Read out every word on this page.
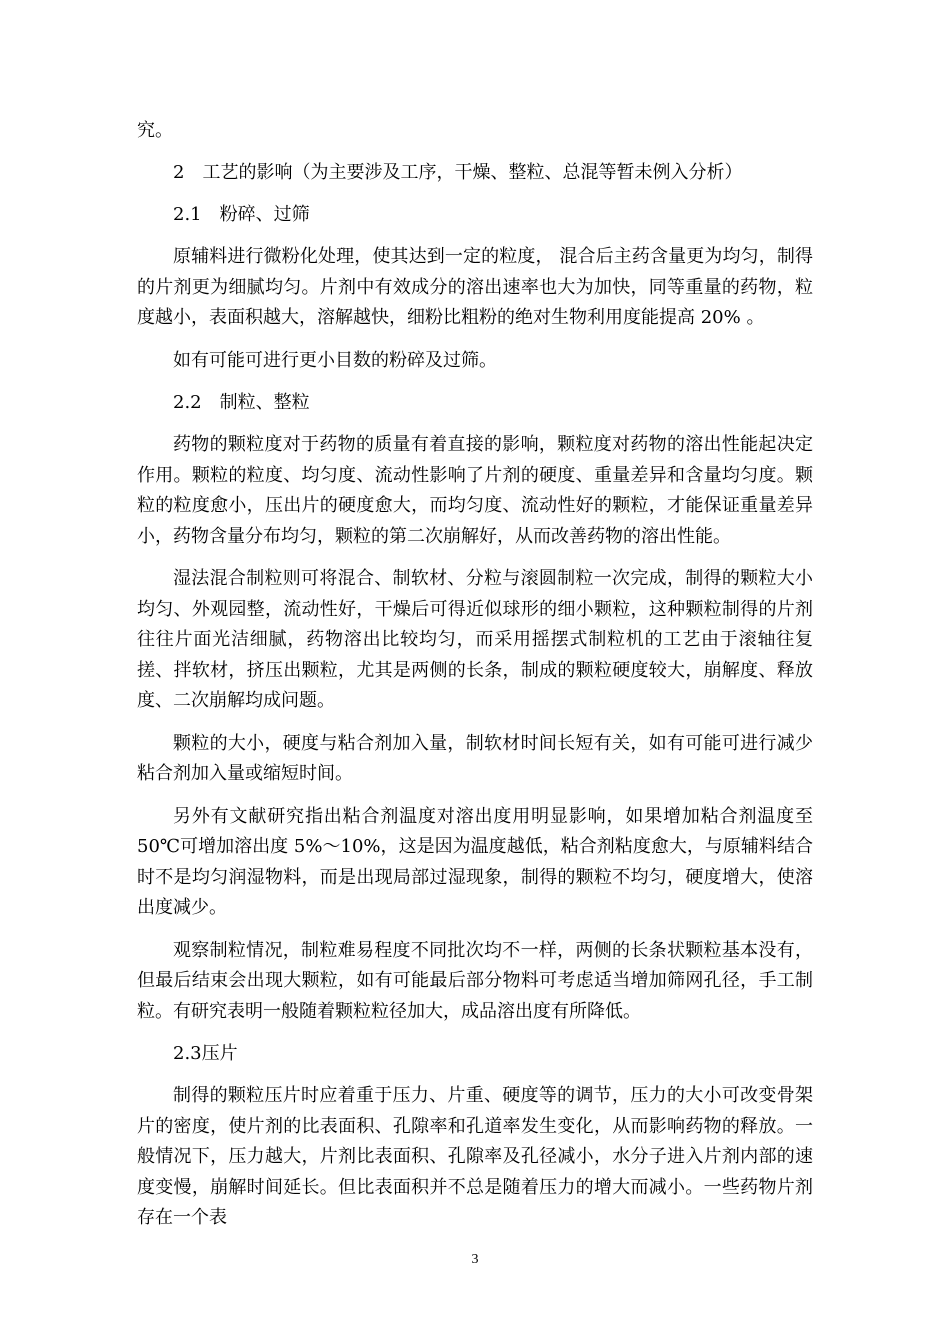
究。

2　工艺的影响（为主要涉及工序，干燥、整粒、总混等暂未例入分析）

2.1　粉碎、过筛

原辅料进行微粉化处理，使其达到一定的粒度， 混合后主药含量更为均匀，制得的片剂更为细腻均匀。片剂中有效成分的溶出速率也大为加快，同等重量的药物，粒度越小，表面积越大，溶解越快，细粉比粗粉的绝对生物利用度能提高 20% 。

如有可能可进行更小目数的粉碎及过筛。

2.2　制粒、整粒

药物的颗粒度对于药物的质量有着直接的影响，颗粒度对药物的溶出性能起决定作用。颗粒的粒度、均匀度、流动性影响了片剂的硬度、重量差异和含量均匀度。颗粒的粒度愈小，压出片的硬度愈大，而均匀度、流动性好的颗粒，才能保证重量差异小，药物含量分布均匀，颗粒的第二次崩解好，从而改善药物的溶出性能。

湿法混合制粒则可将混合、制软材、分粒与滚圆制粒一次完成，制得的颗粒大小均匀、外观园整，流动性好，干燥后可得近似球形的细小颗粒，这种颗粒制得的片剂往往片面光洁细腻，药物溶出比较均匀，而采用摇摆式制粒机的工艺由于滚轴往复搓、拌软材，挤压出颗粒，尤其是两侧的长条，制成的颗粒硬度较大，崩解度、释放度、二次崩解均成问题。

颗粒的大小，硬度与粘合剂加入量，制软材时间长短有关，如有可能可进行减少粘合剂加入量或缩短时间。

另外有文献研究指出粘合剂温度对溶出度用明显影响，如果增加粘合剂温度至 50℃可增加溶出度 5%～10%，这是因为温度越低，粘合剂粘度愈大，与原辅料结合时不是均匀润湿物料，而是出现局部过湿现象，制得的颗粒不均匀，硬度增大，使溶出度减少。

观察制粒情况，制粒难易程度不同批次均不一样，两侧的长条状颗粒基本没有，但最后结束会出现大颗粒，如有可能最后部分物料可考虑适当增加筛网孔径，手工制粒。有研究表明一般随着颗粒粒径加大，成品溶出度有所降低。

2.3压片

制得的颗粒压片时应着重于压力、片重、硬度等的调节，压力的大小可改变骨架片的密度，使片剂的比表面积、孔隙率和孔道率发生变化，从而影响药物的释放。一般情况下，压力越大，片剂比表面积、孔隙率及孔径减小，水分子进入片剂内部的速度变慢，崩解时间延长。但比表面积并不总是随着压力的增大而减小。一些药物片剂存在一个表

3
